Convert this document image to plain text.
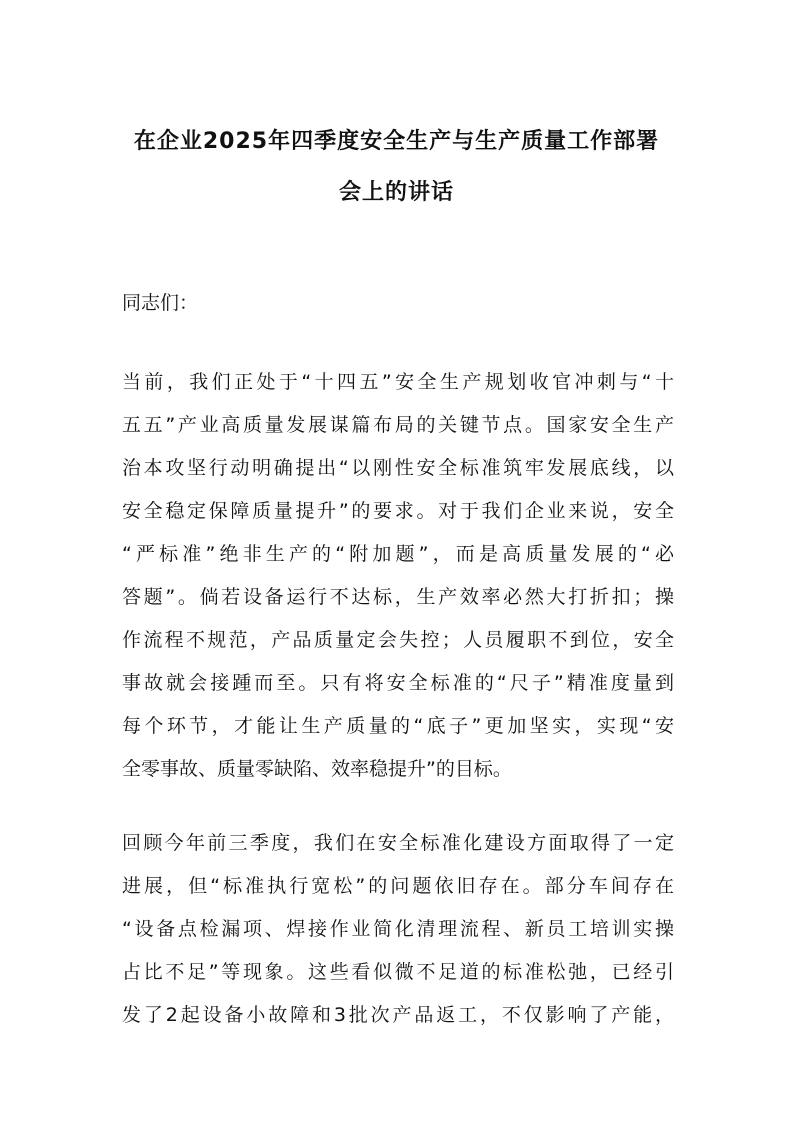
在企业2025年四季度安全生产与生产质量工作部署
会上的讲话
同志们：
当前，我们正处于“十四五”安全生产规划收官冲刺与“十
五五”产业高质量发展谋篇布局的关键节点。国家安全生产
治本攻坚行动明确提出“以刚性安全标准筑牢发展底线，以
安全稳定保障质量提升”的要求。对于我们企业来说，安全
“严标准”绝非生产的“附加题”，而是高质量发展的“必
答题”。倘若设备运行不达标，生产效率必然大打折扣；操
作流程不规范，产品质量定会失控；人员履职不到位，安全
事故就会接踵而至。只有将安全标准的“尺子”精准度量到
每个环节，才能让生产质量的“底子”更加坚实，实现“安
全零事故、质量零缺陷、效率稳提升”的目标。
回顾今年前三季度，我们在安全标准化建设方面取得了一定
进展，但“标准执行宽松”的问题依旧存在。部分车间存在
“设备点检漏项、焊接作业简化清理流程、新员工培训实操
占比不足”等现象。这些看似微不足道的标准松弛，已经引
发了2起设备小故障和3批次产品返工，不仅影响了产能，
